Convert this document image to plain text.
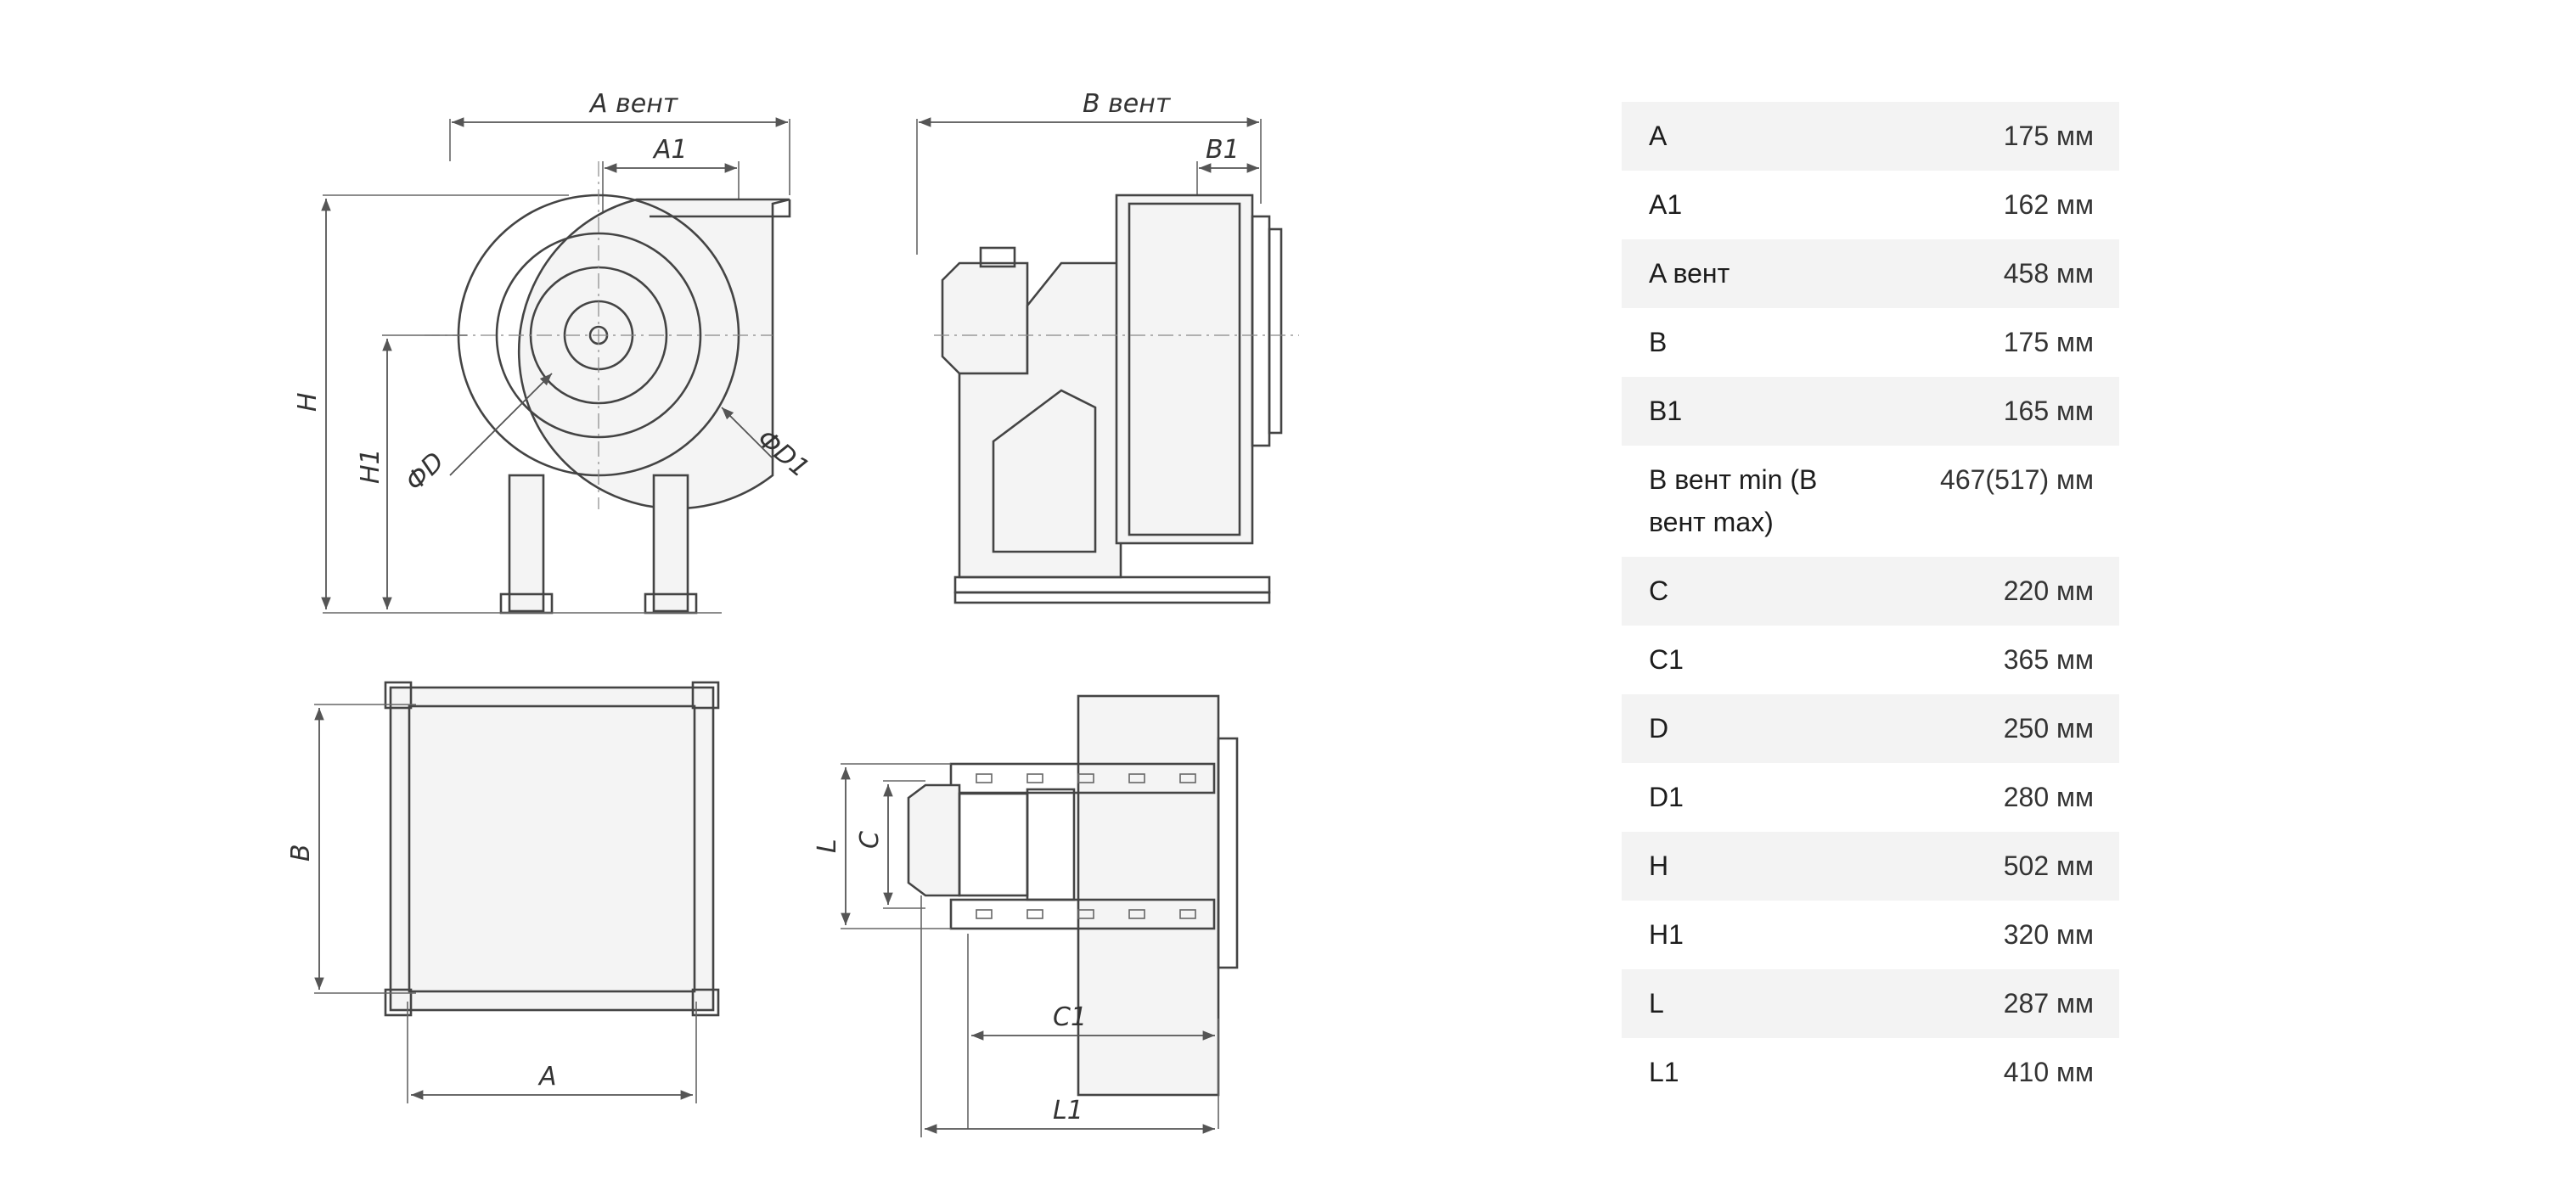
A вент
A1
H
H1 ФD	ФD1
B вент
B1
B
A
L C
C1
L1
A	175 мм
A1	162 мм
A вент	458 мм
B	175 мм
B1	165 мм
B вент min (B вент max)	467(517) мм
C	220 мм
C1	365 мм
D	250 мм
D1	280 мм
H	502 мм
H1	320 мм
L	287 мм
L1	410 мм
